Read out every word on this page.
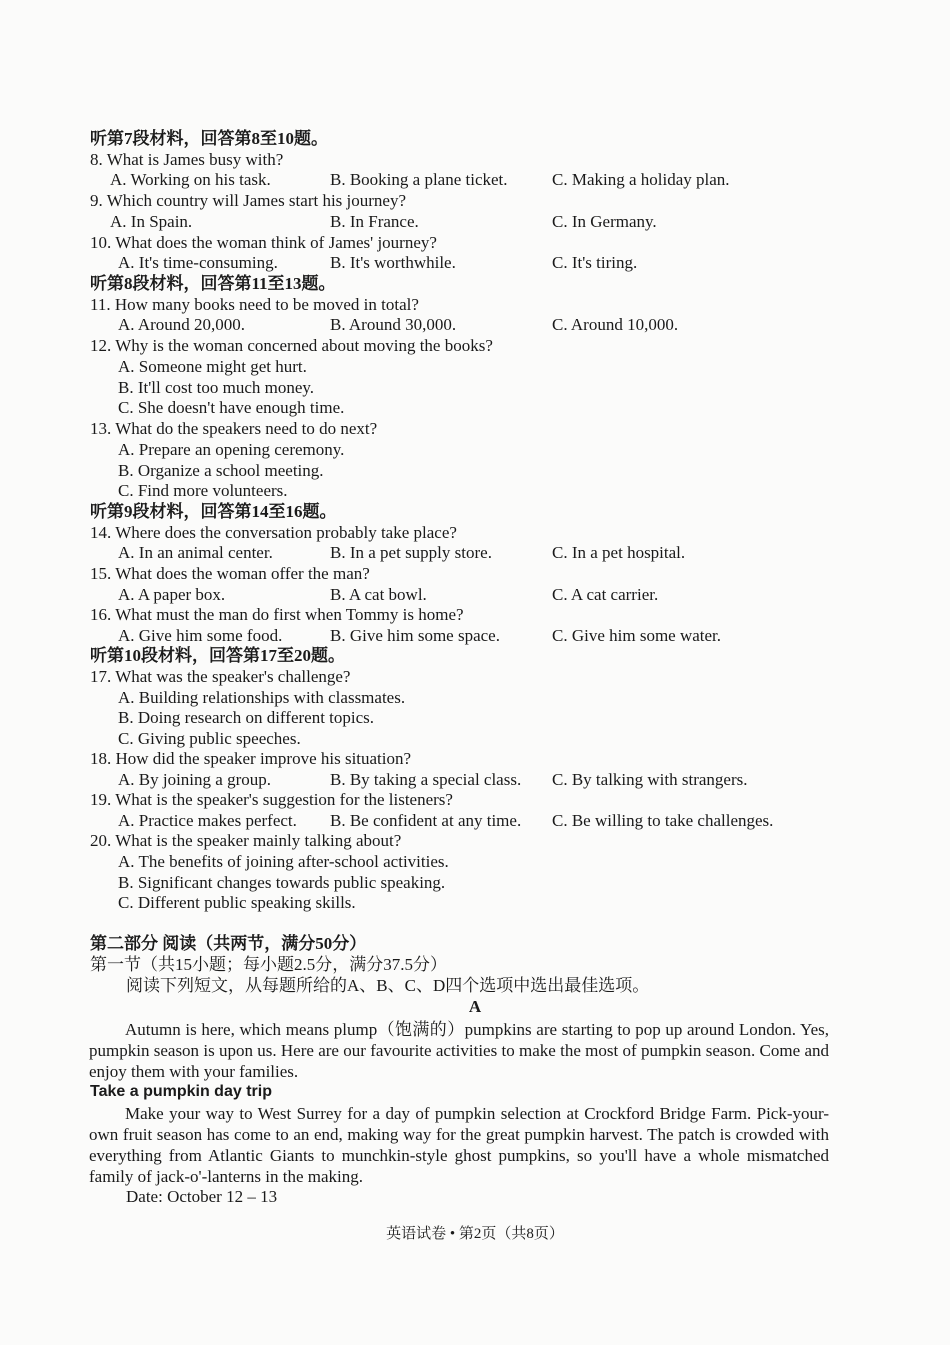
听第7段材料，回答第8至10题。
8. What is James busy with?
A. Working on his task.	B. Booking a plane ticket.	C. Making a holiday plan.
9. Which country will James start his journey?
A. In Spain.	B. In France.	C. In Germany.
10. What does the woman think of James' journey?
A. It's time-consuming.	B. It's worthwhile.	C. It's tiring.
听第8段材料，回答第11至13题。
11. How many books need to be moved in total?
A. Around 20,000.	B. Around 30,000.	C. Around 10,000.
12. Why is the woman concerned about moving the books?
A. Someone might get hurt.
B. It'll cost too much money.
C. She doesn't have enough time.
13. What do the speakers need to do next?
A. Prepare an opening ceremony.
B. Organize a school meeting.
C. Find more volunteers.
听第9段材料，回答第14至16题。
14. Where does the conversation probably take place?
A. In an animal center.	B. In a pet supply store.	C. In a pet hospital.
15. What does the woman offer the man?
A. A paper box.	B. A cat bowl.	C. A cat carrier.
16. What must the man do first when Tommy is home?
A. Give him some food.	B. Give him some space.	C. Give him some water.
听第10段材料，回答第17至20题。
17. What was the speaker's challenge?
A. Building relationships with classmates.
B. Doing research on different topics.
C. Giving public speeches.
18. How did the speaker improve his situation?
A. By joining a group.	B. By taking a special class. C. By talking with strangers.
19. What is the speaker's suggestion for the listeners?
A. Practice makes perfect. B. Be confident at any time. C. Be willing to take challenges.
20. What is the speaker mainly talking about?
A. The benefits of joining after-school activities.
B. Significant changes towards public speaking.
C. Different public speaking skills.
第二部分 阅读（共两节，满分50分）
第一节（共15小题；每小题2.5分，满分37.5分）
阅读下列短文，从每题所给的A、B、C、D四个选项中选出最佳选项。
A
Autumn is here, which means plump（饱满的）pumpkins are starting to pop up around London. Yes, pumpkin season is upon us. Here are our favourite activities to make the most of pumpkin season. Come and enjoy them with your families.
Take a pumpkin day trip
Make your way to West Surrey for a day of pumpkin selection at Crockford Bridge Farm. Pick-your-own fruit season has come to an end, making way for the great pumpkin harvest. The patch is crowded with everything from Atlantic Giants to munchkin-style ghost pumpkins, so you'll have a whole mismatched family of jack-o'-lanterns in the making.
Date: October 12 – 13
英语试卷 • 第2页（共8页）
